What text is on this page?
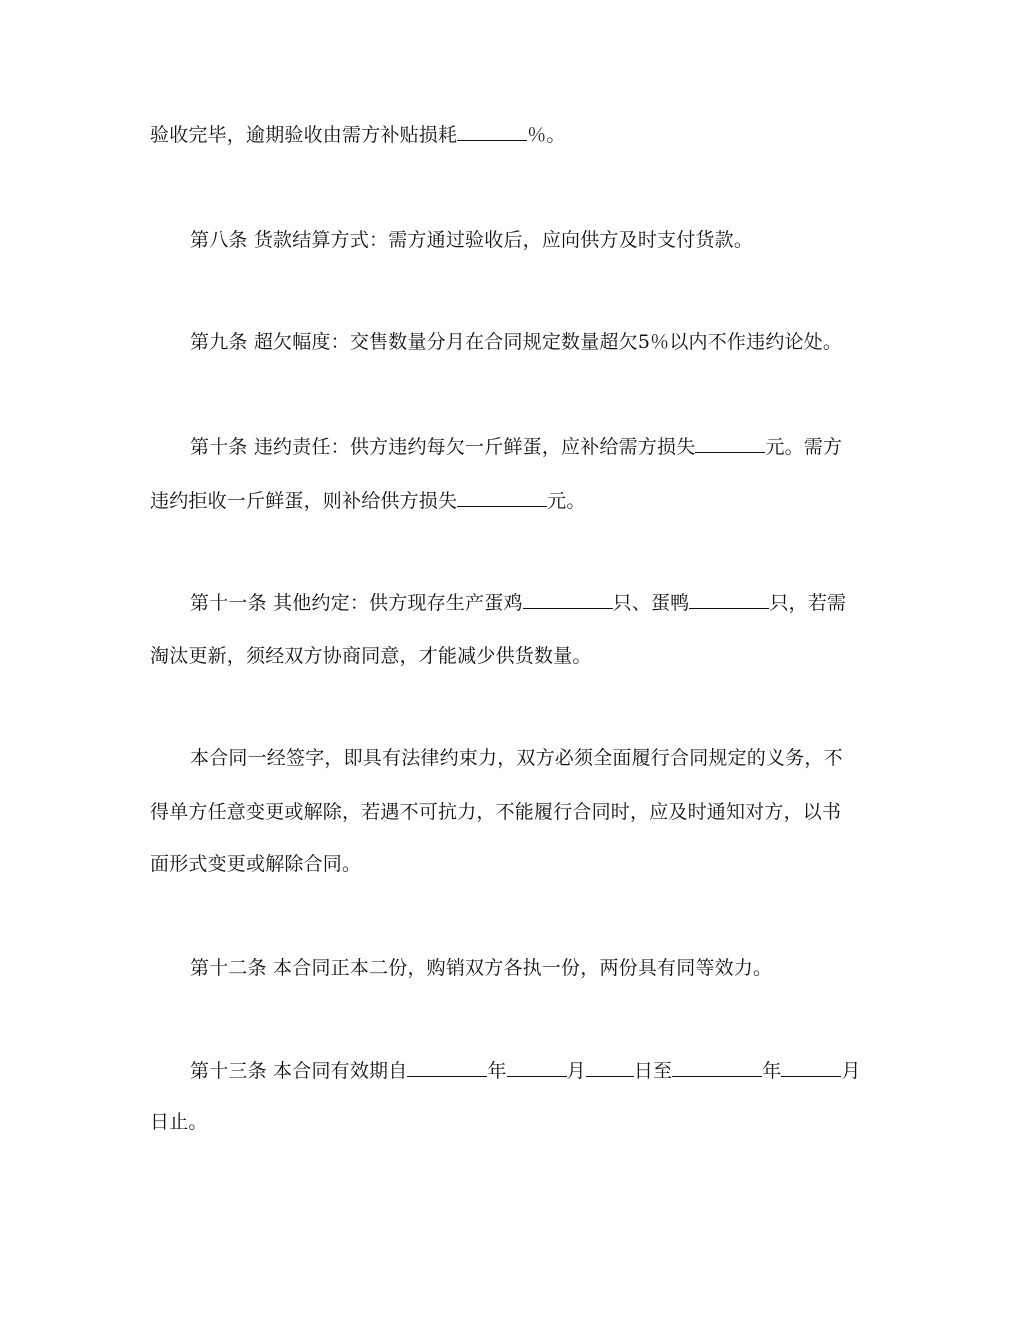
验收完毕，逾期验收由需方补贴损耗	％。
第八条 货款结算方式：需方通过验收后，应向供方及时支付货款。
第九条 超欠幅度：交售数量分月在合同规定数量超欠5％以内不作违约论处。
第十条 违约责任：供方违约每欠一斤鲜蛋，应补给需方损失	元。需方
违约拒收一斤鲜蛋，则补给供方损失	元。
第十一条 其他约定：供方现存生产蛋鸡	只、蛋鸭	只，若需
淘汰更新，须经双方协商同意，才能减少供货数量。
本合同一经签字，即具有法律约束力，双方必须全面履行合同规定的义务，不
得单方任意变更或解除，若遇不可抗力，不能履行合同时，应及时通知对方，以书
面形式变更或解除合同。
第十二条 本合同正本二份，购销双方各执一份，两份具有同等效力。
第十三条 本合同有效期自	年	月	日至	年	月
日止。
